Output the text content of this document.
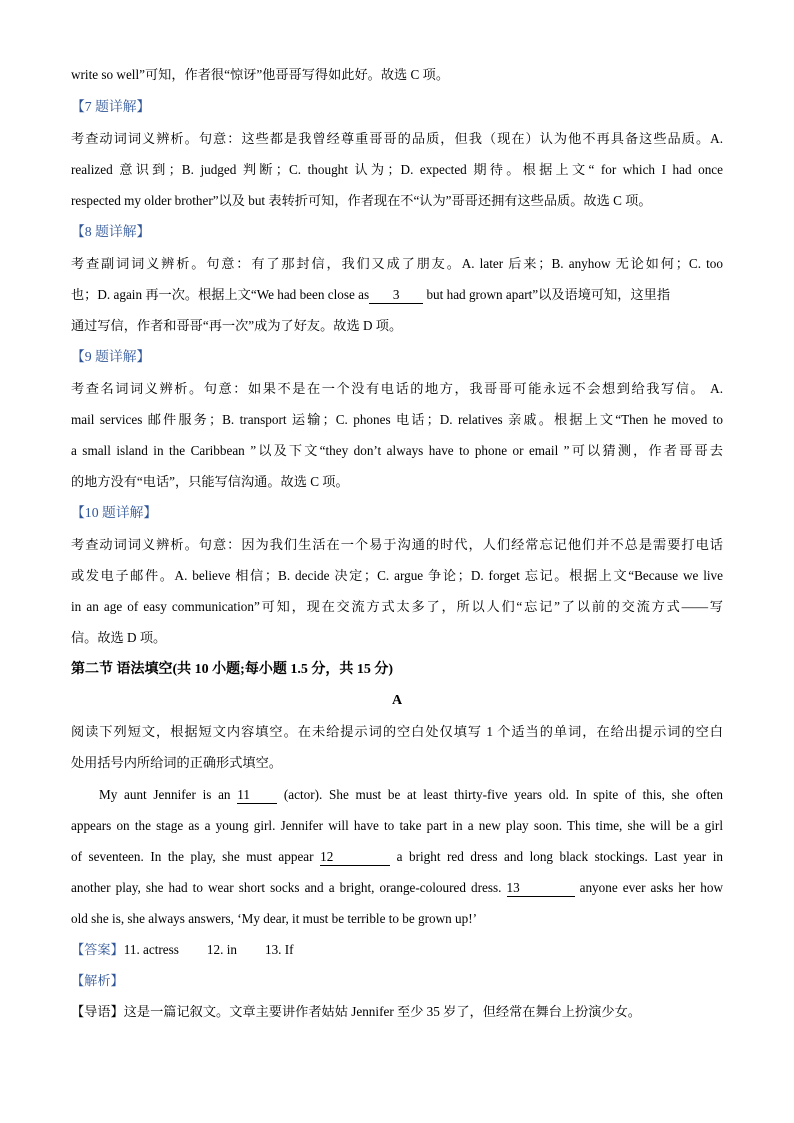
write so well”可知，作者很“惊讶”他哥哥写得如此好。故选 C 项。
【7 题详解】
考查动词词义辨析。句意：这些都是我曾经尊重哥哥的品质，但我（现在）认为他不再具备这些品质。A.
realized 意识到；B. judged 判断；C. thought 认为；D. expected 期待。根据上文“ for which I had once
respected my older brother”以及 but 表转折可知，作者现在不“认为”哥哥还拥有这些品质。故选 C 项。
【8 题详解】
考查副词词义辨析。句意：有了那封信，我们又成了朋友。A. later 后来；B. anyhow 无论如何；C. too
也；D. again 再一次。根据上文“We had been close as 3 but had grown apart”以及语境可知，这里指
通过写信，作者和哥哥“再一次”成为了好友。故选 D 项。
【9 题详解】
考查名词词义辨析。句意：如果不是在一个没有电话的地方，我哥哥可能永远不会想到给我写信。 A.
mail services 邮件服务；B. transport 运输；C. phones 电话；D. relatives 亲戚。根据上文“Then he moved to
a small island in the Caribbean ”以及下文“they don’t always have to phone or email ”可以猜测，作者哥哥去
的地方没有“电话”，只能写信沟通。故选 C 项。
【10 题详解】
考查动词词义辨析。句意：因为我们生活在一个易于沟通的时代，人们经常忘记他们并不总是需要打电话
或发电子邮件。A. believe 相信；B. decide 决定；C. argue 争论；D. forget 忘记。根据上文“Because we live
in an age of easy communication”可知，现在交流方式太多了，所以人们“忘记”了以前的交流方式——写
信。故选 D 项。
第二节 语法填空(共 10 小题;每小题 1.5 分，共 15 分)
A
阅读下列短文，根据短文内容填空。在未给提示词的空白处仅填写 1 个适当的单词，在给出提示词的空白
处用括号内所给词的正确形式填空。
My aunt Jennifer is an 11 (actor). She must be at least thirty-five years old. In spite of this, she often
appears on the stage as a young girl. Jennifer will have to take part in a new play soon. This time, she will be a girl
of seventeen. In the play, she must appear 12	a bright red dress and long black stockings. Last year in
another play, she had to wear short socks and a bright, orange-coloured dress. 13	anyone ever asks her how
old she is, she always answers, ‘My dear, it must be terrible to be grown up!’
【答案】11. actress 12. in 13. If
【解析】
【导语】这是一篇记叙文。文章主要讲作者姑姑 Jennifer 至少 35 岁了，但经常在舞台上扮演少女。
